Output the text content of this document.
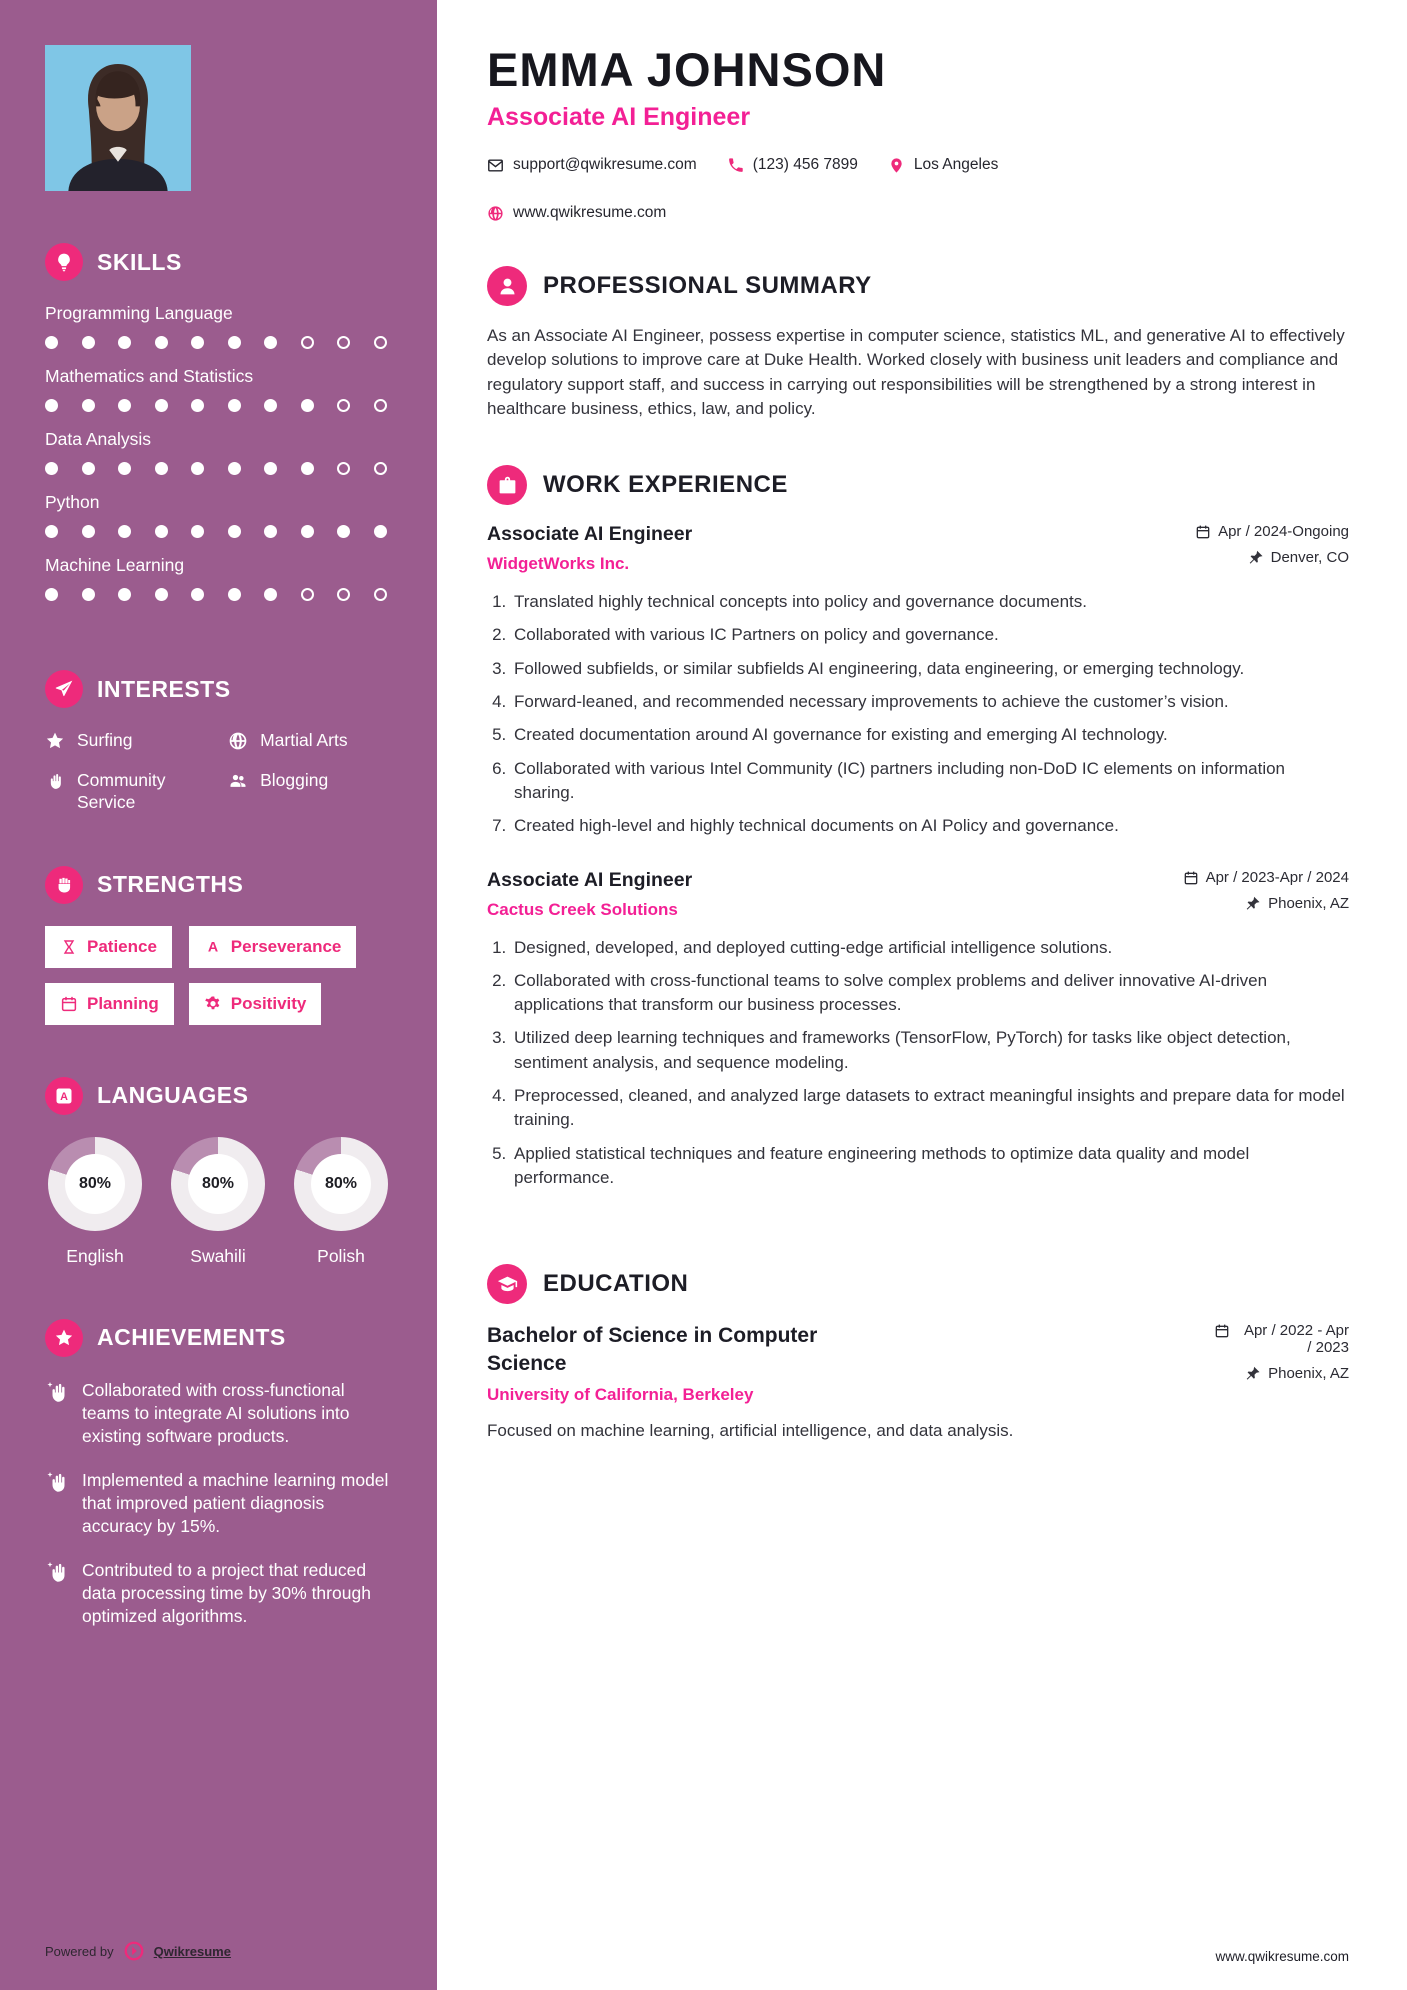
SKILLS
Programming Language
Mathematics and Statistics
Data Analysis
Python
Machine Learning
INTERESTS
Surfing	Martial Arts
Community Service
Blogging
STRENGTHS
Patience	A Perseverance
Planning	Positivity
A LANGUAGES
80%
English
80%
Swahili
80%
Polish
ACHIEVEMENTS
Collaborated with cross-functional teams to integrate AI solutions into existing software products.
Implemented a machine learning model that improved patient diagnosis accuracy by 15%.
Contributed to a project that reduced data processing time by 30% through optimized algorithms.
Powered by	Qwikresume
EMMA JOHNSON
Associate AI Engineer
support@qwikresume.com	(123) 456 7899	Los Angeles
www.qwikresume.com
PROFESSIONAL SUMMARY

As an Associate AI Engineer, possess expertise in computer science, statistics ML, and generative AI to effectively develop solutions to improve care at Duke Health. Worked closely with business unit leaders and compliance and regulatory support staff, and success in carrying out responsibilities will be strengthened by a strong interest in healthcare business, ethics, law, and policy.

WORK EXPERIENCE
Associate AI Engineer
WidgetWorks Inc.
Apr / 2024-Ongoing
Denver, CO
1. Translated highly technical concepts into policy and governance documents.
2. Collaborated with various IC Partners on policy and governance.
3. Followed subfields, or similar subfields AI engineering, data engineering, or emerging technology.
4. Forward-leaned, and recommended necessary improvements to achieve the customer’s vision.
5. Created documentation around AI governance for existing and emerging AI technology.
6. Collaborated with various Intel Community (IC) partners including non-DoD IC elements on information sharing.
7. Created high-level and highly technical documents on AI Policy and governance.
Associate AI Engineer
Cactus Creek Solutions
Apr / 2023-Apr / 2024
Phoenix, AZ
1. Designed, developed, and deployed cutting-edge artificial intelligence solutions.
2. Collaborated with cross-functional teams to solve complex problems and deliver innovative AI-driven applications that transform our business processes.
3. Utilized deep learning techniques and frameworks (TensorFlow, PyTorch) for tasks like object detection, sentiment analysis, and sequence modeling.
4. Preprocessed, cleaned, and analyzed large datasets to extract meaningful insights and prepare data for model training.
5. Applied statistical techniques and feature engineering methods to optimize data quality and model performance.
EDUCATION
Bachelor of Science in Computer Science
University of California, Berkeley
Apr / 2022 - Apr / 2023
Phoenix, AZ

Focused on machine learning, artificial intelligence, and data analysis.

www.qwikresume.com
